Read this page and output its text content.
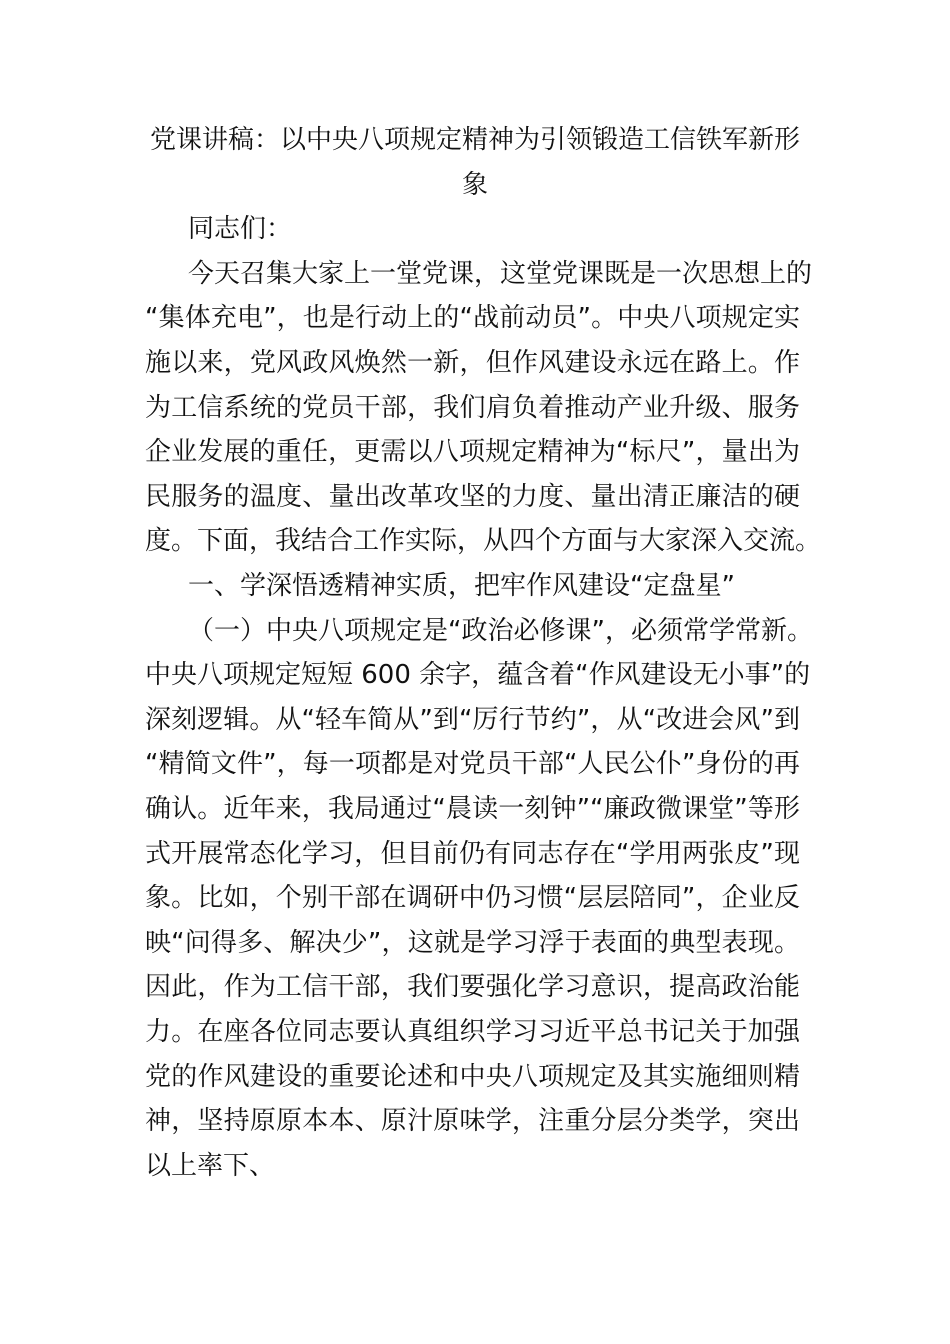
党课讲稿：以中央八项规定精神为引领锻造工信铁军新形
象
同志们：
今天召集大家上一堂党课，这堂党课既是一次思想上的
“集体充电”，也是行动上的“战前动员”。中央八项规定实
施以来，党风政风焕然一新，但作风建设永远在路上。作
为工信系统的党员干部，我们肩负着推动产业升级、服务
企业发展的重任，更需以八项规定精神为“标尺”，量出为
民服务的温度、量出改革攻坚的力度、量出清正廉洁的硬
度。下面，我结合工作实际，从四个方面与大家深入交流。
一、学深悟透精神实质，把牢作风建设“定盘星”
（一）中央八项规定是“政治必修课”，必须常学常新。
中央八项规定短短 600 余字，蕴含着“作风建设无小事”的
深刻逻辑。从“轻车简从”到“厉行节约”，从“改进会风”到
“精简文件”，每一项都是对党员干部“人民公仆”身份的再
确认。近年来，我局通过“晨读一刻钟”“廉政微课堂”等形
式开展常态化学习，但目前仍有同志存在“学用两张皮”现
象。比如，个别干部在调研中仍习惯“层层陪同”，企业反
映“问得多、解决少”，这就是学习浮于表面的典型表现。
因此，作为工信干部，我们要强化学习意识，提高政治能
力。在座各位同志要认真组织学习习近平总书记关于加强
党的作风建设的重要论述和中央八项规定及其实施细则精
神，坚持原原本本、原汁原味学，注重分层分类学，突出
以上率下、
